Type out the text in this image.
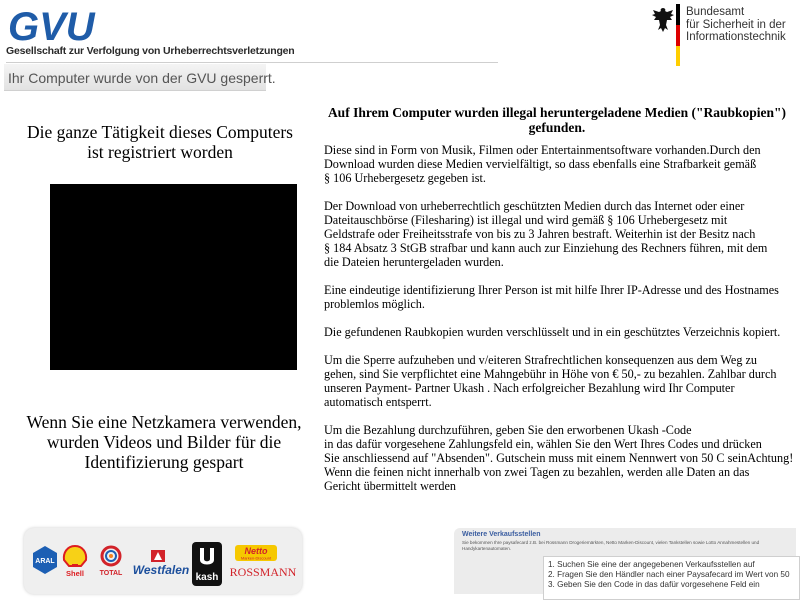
GVU
Gesellschaft zur Verfolgung von Urheberrechtsverletzungen
Ihr Computer wurde von der GVU gesperrt.
Bundesamt
für Sicherheit in der
Informationstechnik
Die ganze Tätigkeit dieses Computers ist registriert worden
Wenn Sie eine Netzkamera verwenden, wurden Videos und Bilder für die Identifizierung gespart
Auf Ihrem Computer wurden illegal heruntergeladene Medien ("Raubkopien") gefunden.

Diese sind in Form von Musik, Filmen oder Entertainmentsoftware vorhanden.Durch den
Download wurden diese Medien vervielfältigt, so dass ebenfalls eine Strafbarkeit gemäß
§ 106 Urhebergesetz gegeben ist.

Der Download von urheberrechtlich geschützten Medien durch das Internet oder einer
Dateitauschbörse (Filesharing) ist illegal und wird gemäß § 106 Urhebergesetz mit
Geldstrafe oder Freiheitsstrafe von bis zu 3 Jahren bestraft. Weiterhin ist der Besitz nach
§ 184 Absatz 3 StGB strafbar und kann auch zur Einziehung des Rechners führen, mit dem
die Dateien heruntergeladen wurden.

Eine eindeutige identifizierung Ihrer Person ist mit hilfe Ihrer IP-Adresse und des Hostnames
problemlos möglich.

Die gefundenen Raubkopien wurden verschlüsselt und in ein geschütztes Verzeichnis kopiert.

Um die Sperre aufzuheben und v/eiteren Strafrechtlichen konsequenzen aus dem Weg zu
gehen, sind Sie verpflichtet eine Mahngebühr in Höhe von € 50,- zu bezahlen. Zahlbar durch
unseren Payment- Partner Ukash . Nach erfolgreicher Bezahlung wird Ihr Computer
automatisch entsperrt.

Um die Bezahlung durchzuführen, geben Sie den erworbenen Ukash -Code
in das dafür vorgesehene Zahlungsfeld ein, wählen Sie den Wert Ihres Codes und drücken
Sie anschliessend auf "Absenden". Gutschein muss mit einem Nennwert von 50 C seinAchtung!
Wenn die feinen nicht innerhalb von zwei Tagen zu bezahlen, werden alle Daten an das
Gericht übermittelt werden

ARAL
Shell TOTAL Westfalen
kash
Netto
Marken-Discount
ROSSMANN
Weitere Verkaufsstellen
Sie bekommen Ihre paysafecard z.B. bei Rossmann Drogeriemärkten, Netto Marken-Discount, vielen Tankstellen sowie Lotto Annahmestellen und Handykartenautomaten.
1. Suchen Sie eine der angegebenen Verkaufsstellen auf
2. Fragen Sie den Händler nach einer Paysafecard im Wert von 50
3. Geben Sie den Code in das dafür vorgesehene Feld ein
